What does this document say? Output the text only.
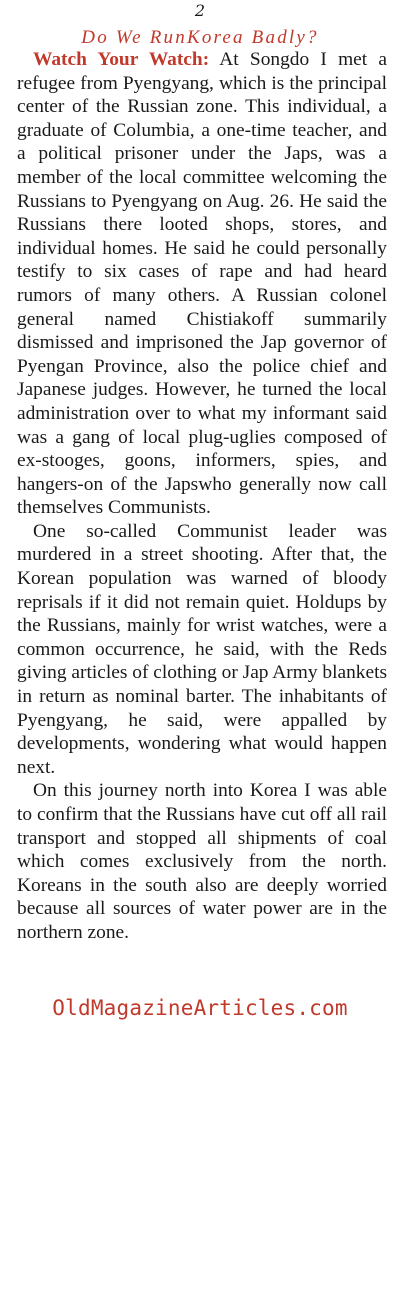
2
Do We RunKorea Badly?

Watch Your Watch: At Songdo I met a refugee from Pyengyang, which is the principal center of the Russian zone. This individual, a graduate of Columbia, a one-time teacher, and a political prisoner under the Japs, was a member of the local committee welcoming the Russians to Pyengyang on Aug. 26. He said the Russians there looted shops, stores, and individual homes. He said he could personally testify to six cases of rape and had heard rumors of many others. A Russian colonel general named Chistiakoff summarily dismissed and imprisoned the Jap governor of Pyengan Province, also the police chief and Japanese judges. However, he turned the local administration over to what my informant said was a gang of local plug-uglies composed of ex-stooges, goons, informers, spies, and hangers-on of the Japswho generally now call themselves Communists.

One so-called Communist leader was murdered in a street shooting. After that, the Korean population was warned of bloody reprisals if it did not remain quiet. Holdups by the Russians, mainly for wrist watches, were a common occurrence, he said, with the Reds giving articles of clothing or Jap Army blankets in return as nominal barter. The inhabitants of Pyengyang, he said, were appalled by developments, wondering what would happen next.

On this journey north into Korea I was able to confirm that the Russians have cut off all rail transport and stopped all shipments of coal which comes exclusively from the north. Koreans in the south also are deeply worried because all sources of water power are in the northern zone.

OldMagazineArticles.com
